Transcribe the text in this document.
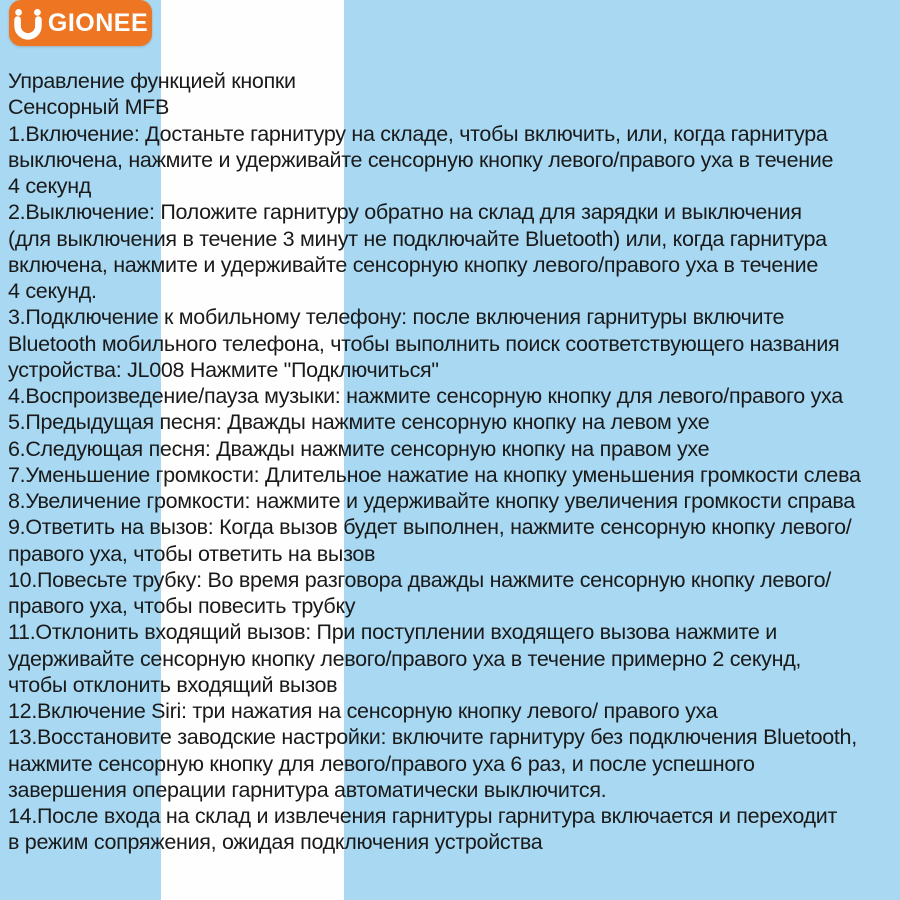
GIONEE
Управление функцией кнопки
Сенсорный MFB
1.Включение: Достаньте гарнитуру на складе, чтобы включить, или, когда гарнитура
выключена, нажмите и удерживайте сенсорную кнопку левого/правого уха в течение
4 секунд
2.Выключение: Положите гарнитуру обратно на склад для зарядки и выключения
(для выключения в течение 3 минут не подключайте Bluetooth) или, когда гарнитура
включена, нажмите и удерживайте сенсорную кнопку левого/правого уха в течение
4 секунд.
3.Подключение к мобильному телефону: после включения гарнитуры включите
Bluetooth мобильного телефона, чтобы выполнить поиск соответствующего названия
устройства: JL008 Нажмите "Подключиться"
4.Воспроизведение/пауза музыки: нажмите сенсорную кнопку для левого/правого уха
5.Предыдущая песня: Дважды нажмите сенсорную кнопку на левом ухе
6.Следующая песня: Дважды нажмите сенсорную кнопку на правом ухе
7.Уменьшение громкости: Длительное нажатие на кнопку уменьшения громкости слева
8.Увеличение громкости: нажмите и удерживайте кнопку увеличения громкости справа
9.Ответить на вызов: Когда вызов будет выполнен, нажмите сенсорную кнопку левого/
правого уха, чтобы ответить на вызов
10.Повесьте трубку: Во время разговора дважды нажмите сенсорную кнопку левого/
правого уха, чтобы повесить трубку
11.Отклонить входящий вызов: При поступлении входящего вызова нажмите и
удерживайте сенсорную кнопку левого/правого уха в течение примерно 2 секунд,
чтобы отклонить входящий вызов
12.Включение Siri: три нажатия на сенсорную кнопку левого/ правого уха
13.Восстановите заводские настройки: включите гарнитуру без подключения Bluetooth,
нажмите сенсорную кнопку для левого/правого уха 6 раз, и после успешного
завершения операции гарнитура автоматически выключится.
14.После входа на склад и извлечения гарнитуры гарнитура включается и переходит
в режим сопряжения, ожидая подключения устройства
